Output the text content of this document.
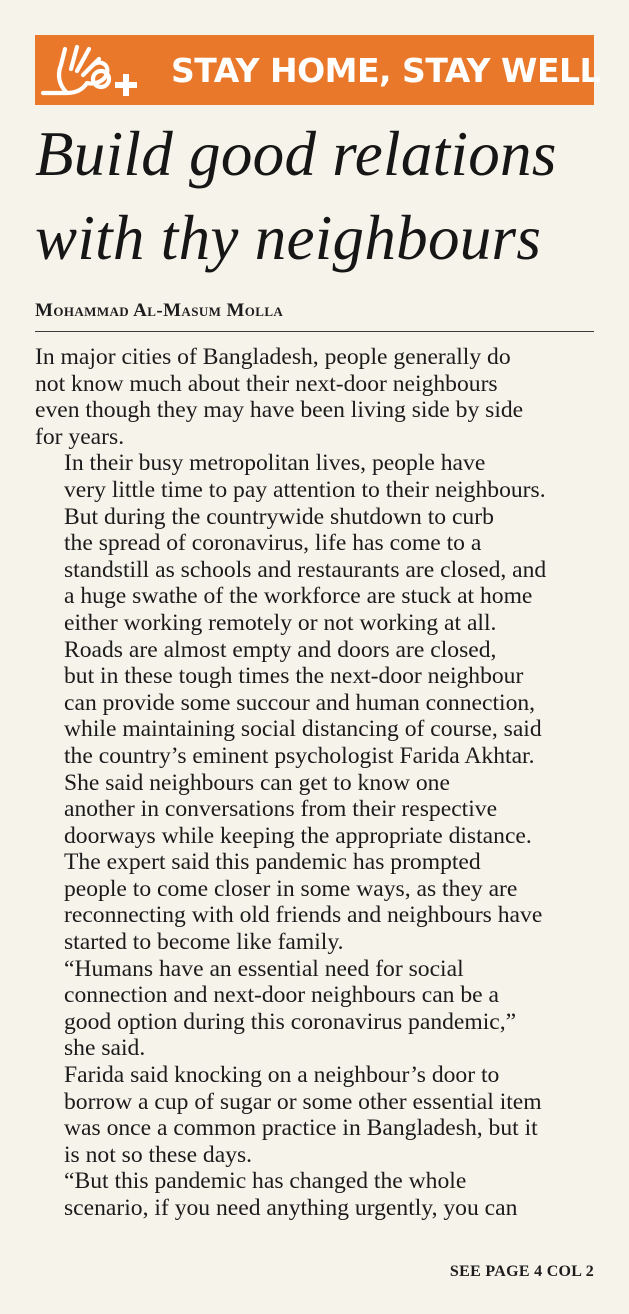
STAY HOME, STAY WELL
Build good relations
with thy neighbours
Mohammad Al-Masum Molla

In major cities of Bangladesh, people generally do
not know much about their next-door neighbours
even though they may have been living side by side
for years.

In their busy metropolitan lives, people have
very little time to pay attention to their neighbours.

But during the countrywide shutdown to curb
the spread of coronavirus, life has come to a
standstill as schools and restaurants are closed, and
a huge swathe of the workforce are stuck at home
either working remotely or not working at all.

Roads are almost empty and doors are closed,
but in these tough times the next-door neighbour
can provide some succour and human connection,
while maintaining social distancing of course, said
the country’s eminent psychologist Farida Akhtar.

She said neighbours can get to know one
another in conversations from their respective
doorways while keeping the appropriate distance.

The expert said this pandemic has prompted
people to come closer in some ways, as they are
reconnecting with old friends and neighbours have
started to become like family.

“Humans have an essential need for social
connection and next-door neighbours can be a
good option during this coronavirus pandemic,”
she said.

Farida said knocking on a neighbour’s door to
borrow a cup of sugar or some other essential item
was once a common practice in Bangladesh, but it
is not so these days.

“But this pandemic has changed the whole
scenario, if you need anything urgently, you can

SEE PAGE 4 COL 2
